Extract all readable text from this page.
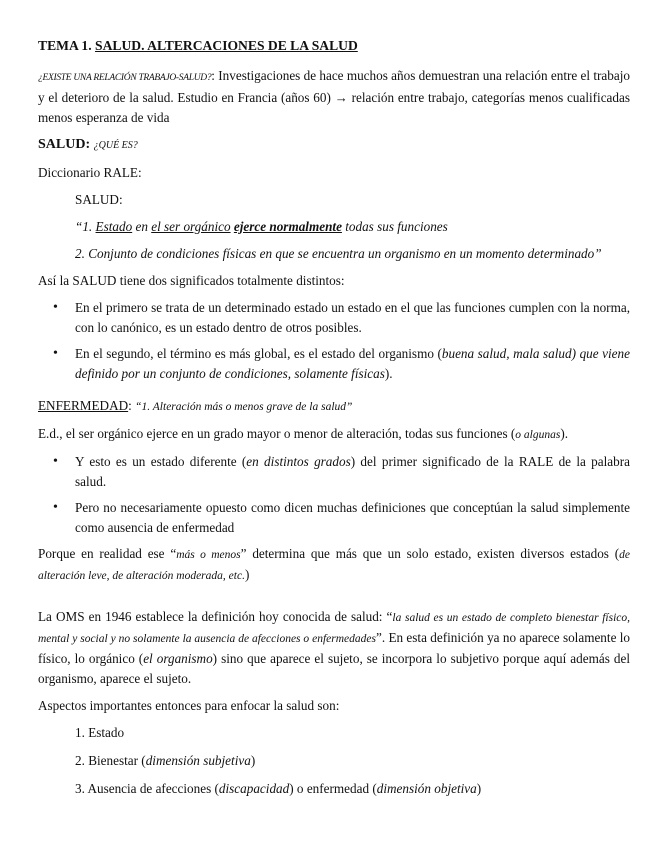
TEMA 1. SALUD. ALTERCACIONES DE LA SALUD

¿EXISTE UNA RELACIÓN TRABAJO-SALUD?: Investigaciones de hace muchos años demuestran una relación entre el trabajo y el deterioro de la salud. Estudio en Francia (años 60) → relación entre trabajo, categorías menos cualificadas menos esperanza de vida

SALUD: ¿QUÉ ES?

Diccionario RALE:

SALUD:

“1. Estado en el ser orgánico ejerce normalmente todas sus funciones

2. Conjunto de condiciones físicas en que se encuentra un organismo en un momento determinado”

Así la SALUD tiene dos significados totalmente distintos:

• En el primero se trata de un determinado estado un estado en el que las funciones cumplen con la norma, con lo canónico, es un estado dentro de otros posibles.
• En el segundo, el término es más global, es el estado del organismo (buena salud, mala salud) que viene definido por un conjunto de condiciones, solamente físicas).

ENFERMEDAD: “1. Alteración más o menos grave de la salud”

E.d., el ser orgánico ejerce en un grado mayor o menor de alteración, todas sus funciones (o algunas).

• Y esto es un estado diferente (en distintos grados) del primer significado de la RALE de la palabra salud.
• Pero no necesariamente opuesto como dicen muchas definiciones que conceptúan la salud simplemente como ausencia de enfermedad

Porque en realidad ese “más o menos” determina que más que un solo estado, existen diversos estados (de alteración leve, de alteración moderada, etc.)

La OMS en 1946 establece la definición hoy conocida de salud: “la salud es un estado de completo bienestar físico, mental y social y no solamente la ausencia de afecciones o enfermedades”. En esta definición ya no aparece solamente lo físico, lo orgánico (el organismo) sino que aparece el sujeto, se incorpora lo subjetivo porque aquí además del organismo, aparece el sujeto.

Aspectos importantes entonces para enfocar la salud son:

1. Estado
2. Bienestar (dimensión subjetiva)
3. Ausencia de afecciones (discapacidad) o enfermedad (dimensión objetiva)
